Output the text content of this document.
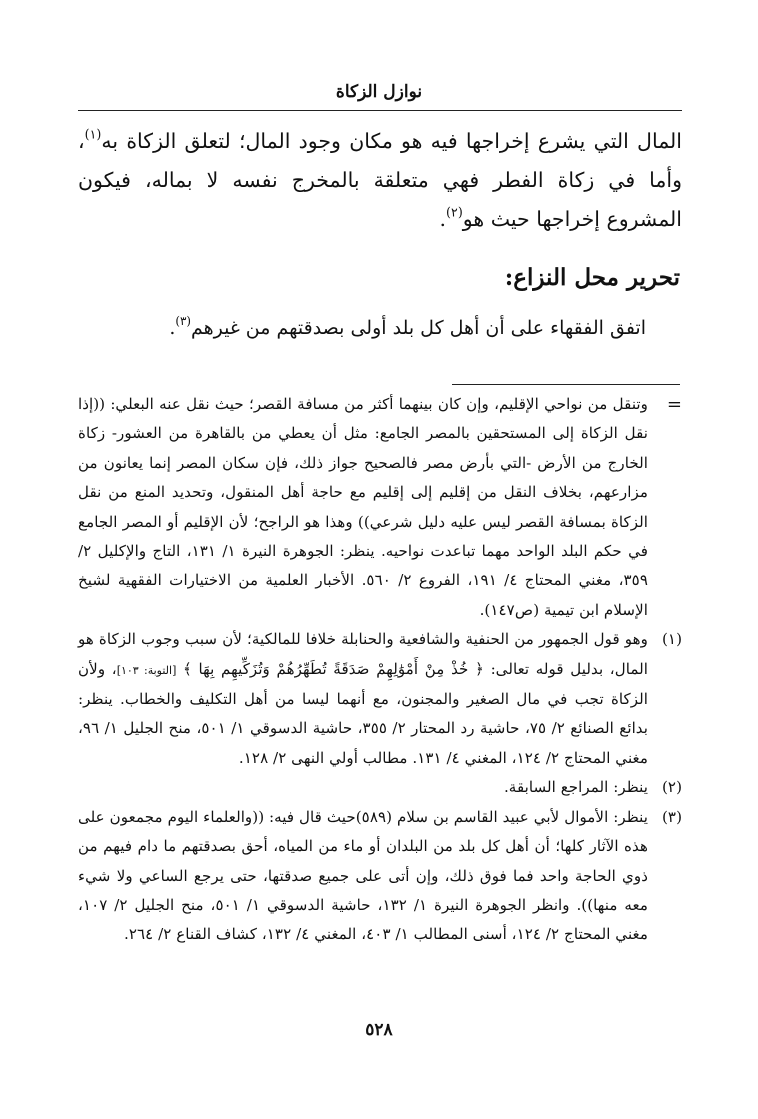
نوازل الزكاة

المال التي يشرع إخراجها فيه هو مكان وجود المال؛ لتعلق الزكاة به$^{(١)}$، وأما في زكاة الفطر فهي متعلقة بالمخرج نفسه لا بماله، فيكون المشروع إخراجها حيث هو$^{(٢)}$.

تحرير محل النزاع:
اتفق الفقهاء على أن أهل كل بلد أولى بصدقتهم من غيرهم$^{(٣)}$.
=
وتنقل من نواحي الإقليم، وإن كان بينهما أكثر من مسافة القصر؛ حيث نقل عنه البعلي: ((إذا نقل الزكاة إلى المستحقين بالمصر الجامع: مثل أن يعطي من بالقاهرة من العشور- زكاة الخارج من الأرض -التي بأرض مصر فالصحيح جواز ذلك، فإن سكان المصر إنما يعانون من مزارعهم، بخلاف النقل من إقليم إلى إقليم مع حاجة أهل المنقول، وتحديد المنع من نقل الزكاة بمسافة القصر ليس عليه دليل شرعي)) وهذا هو الراجح؛ لأن الإقليم أو المصر الجامع في حكم البلد الواحد مهما تباعدت نواحيه. ينظر: الجوهرة النيرة ١/ ١٣١، التاج والإكليل ٢/ ٣٥٩، مغني المحتاج ٤/ ١٩١، الفروع ٢/ ٥٦٠. الأخبار العلمية من الاختيارات الفقهية لشيخ الإسلام ابن تيمية (ص١٤٧).
(١)
وهو قول الجمهور من الحنفية والشافعية والحنابلة خلافا للمالكية؛ لأن سبب وجوب الزكاة هو المال، بدليل قوله تعالى: ﴿ خُذْ مِنْ أَمْوَٰلِهِمْ صَدَقَةً تُطَهِّرُهُمْ وَتُزَكِّيهِم بِهَا ﴾ [التوبة: ١٠٣]، ولأن الزكاة تجب في مال الصغير والمجنون، مع أنهما ليسا من أهل التكليف والخطاب. ينظر: بدائع الصنائع ٢/ ٧٥، حاشية رد المحتار ٢/ ٣٥٥، حاشية الدسوقي ١/ ٥٠١، منح الجليل ١/ ٩٦، مغني المحتاج ٢/ ١٢٤، المغني ٤/ ١٣١. مطالب أولي النهى ٢/ ١٢٨.
(٢)
ينظر: المراجع السابقة.
(٣)
ينظر: الأموال لأبي عبيد القاسم بن سلام (٥٨٩)حيث قال فيه: ((والعلماء اليوم مجمعون على هذه الآثار كلها؛ أن أهل كل بلد من البلدان أو ماء من المياه، أحق بصدقتهم ما دام فيهم من ذوي الحاجة واحد فما فوق ذلك، وإن أتى على جميع صدقتها، حتى يرجع الساعي ولا شيء معه منها)). وانظر الجوهرة النيرة ١/ ١٣٢، حاشية الدسوقي ١/ ٥٠١، منح الجليل ٢/ ١٠٧، مغني المحتاج ٢/ ١٢٤، أسنى المطالب ١/ ٤٠٣، المغني ٤/ ١٣٢، كشاف القناع ٢/ ٢٦٤.
٥٢٨
